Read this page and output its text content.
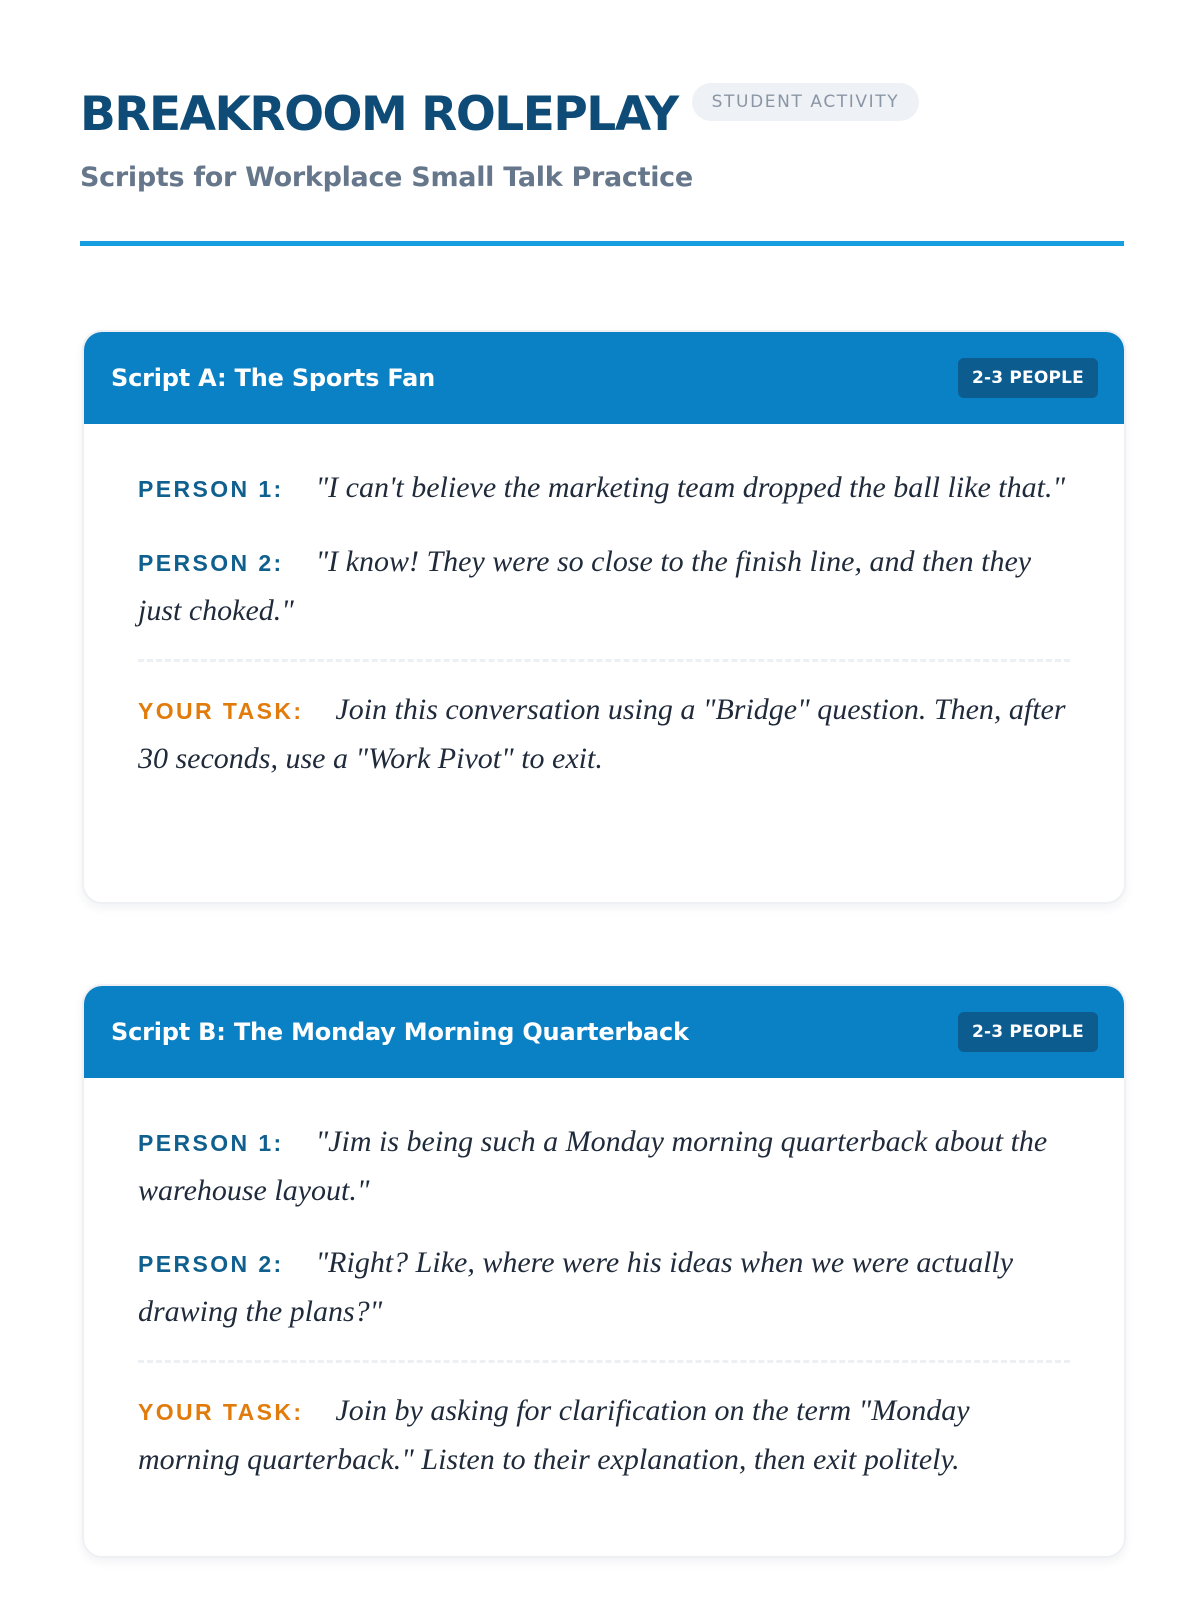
BREAKROOM ROLEPLAY	STUDENT ACTIVITY
Scripts for Workplace Small Talk Practice
Script A: The Sports Fan	2-3 PEOPLE

PERSON 1: "I can't believe the marketing team dropped the ball like that."

PERSON 2: "I know! They were so close to the finish line, and then they just choked."

YOUR TASK: Join this conversation using a "Bridge" question. Then, after 30 seconds, use a "Work Pivot" to exit.

Script B: The Monday Morning Quarterback	2-3 PEOPLE

PERSON 1: "Jim is being such a Monday morning quarterback about the warehouse layout."

PERSON 2: "Right? Like, where were his ideas when we were actually drawing the plans?"

YOUR TASK: Join by asking for clarification on the term "Monday morning quarterback." Listen to their explanation, then exit politely.
